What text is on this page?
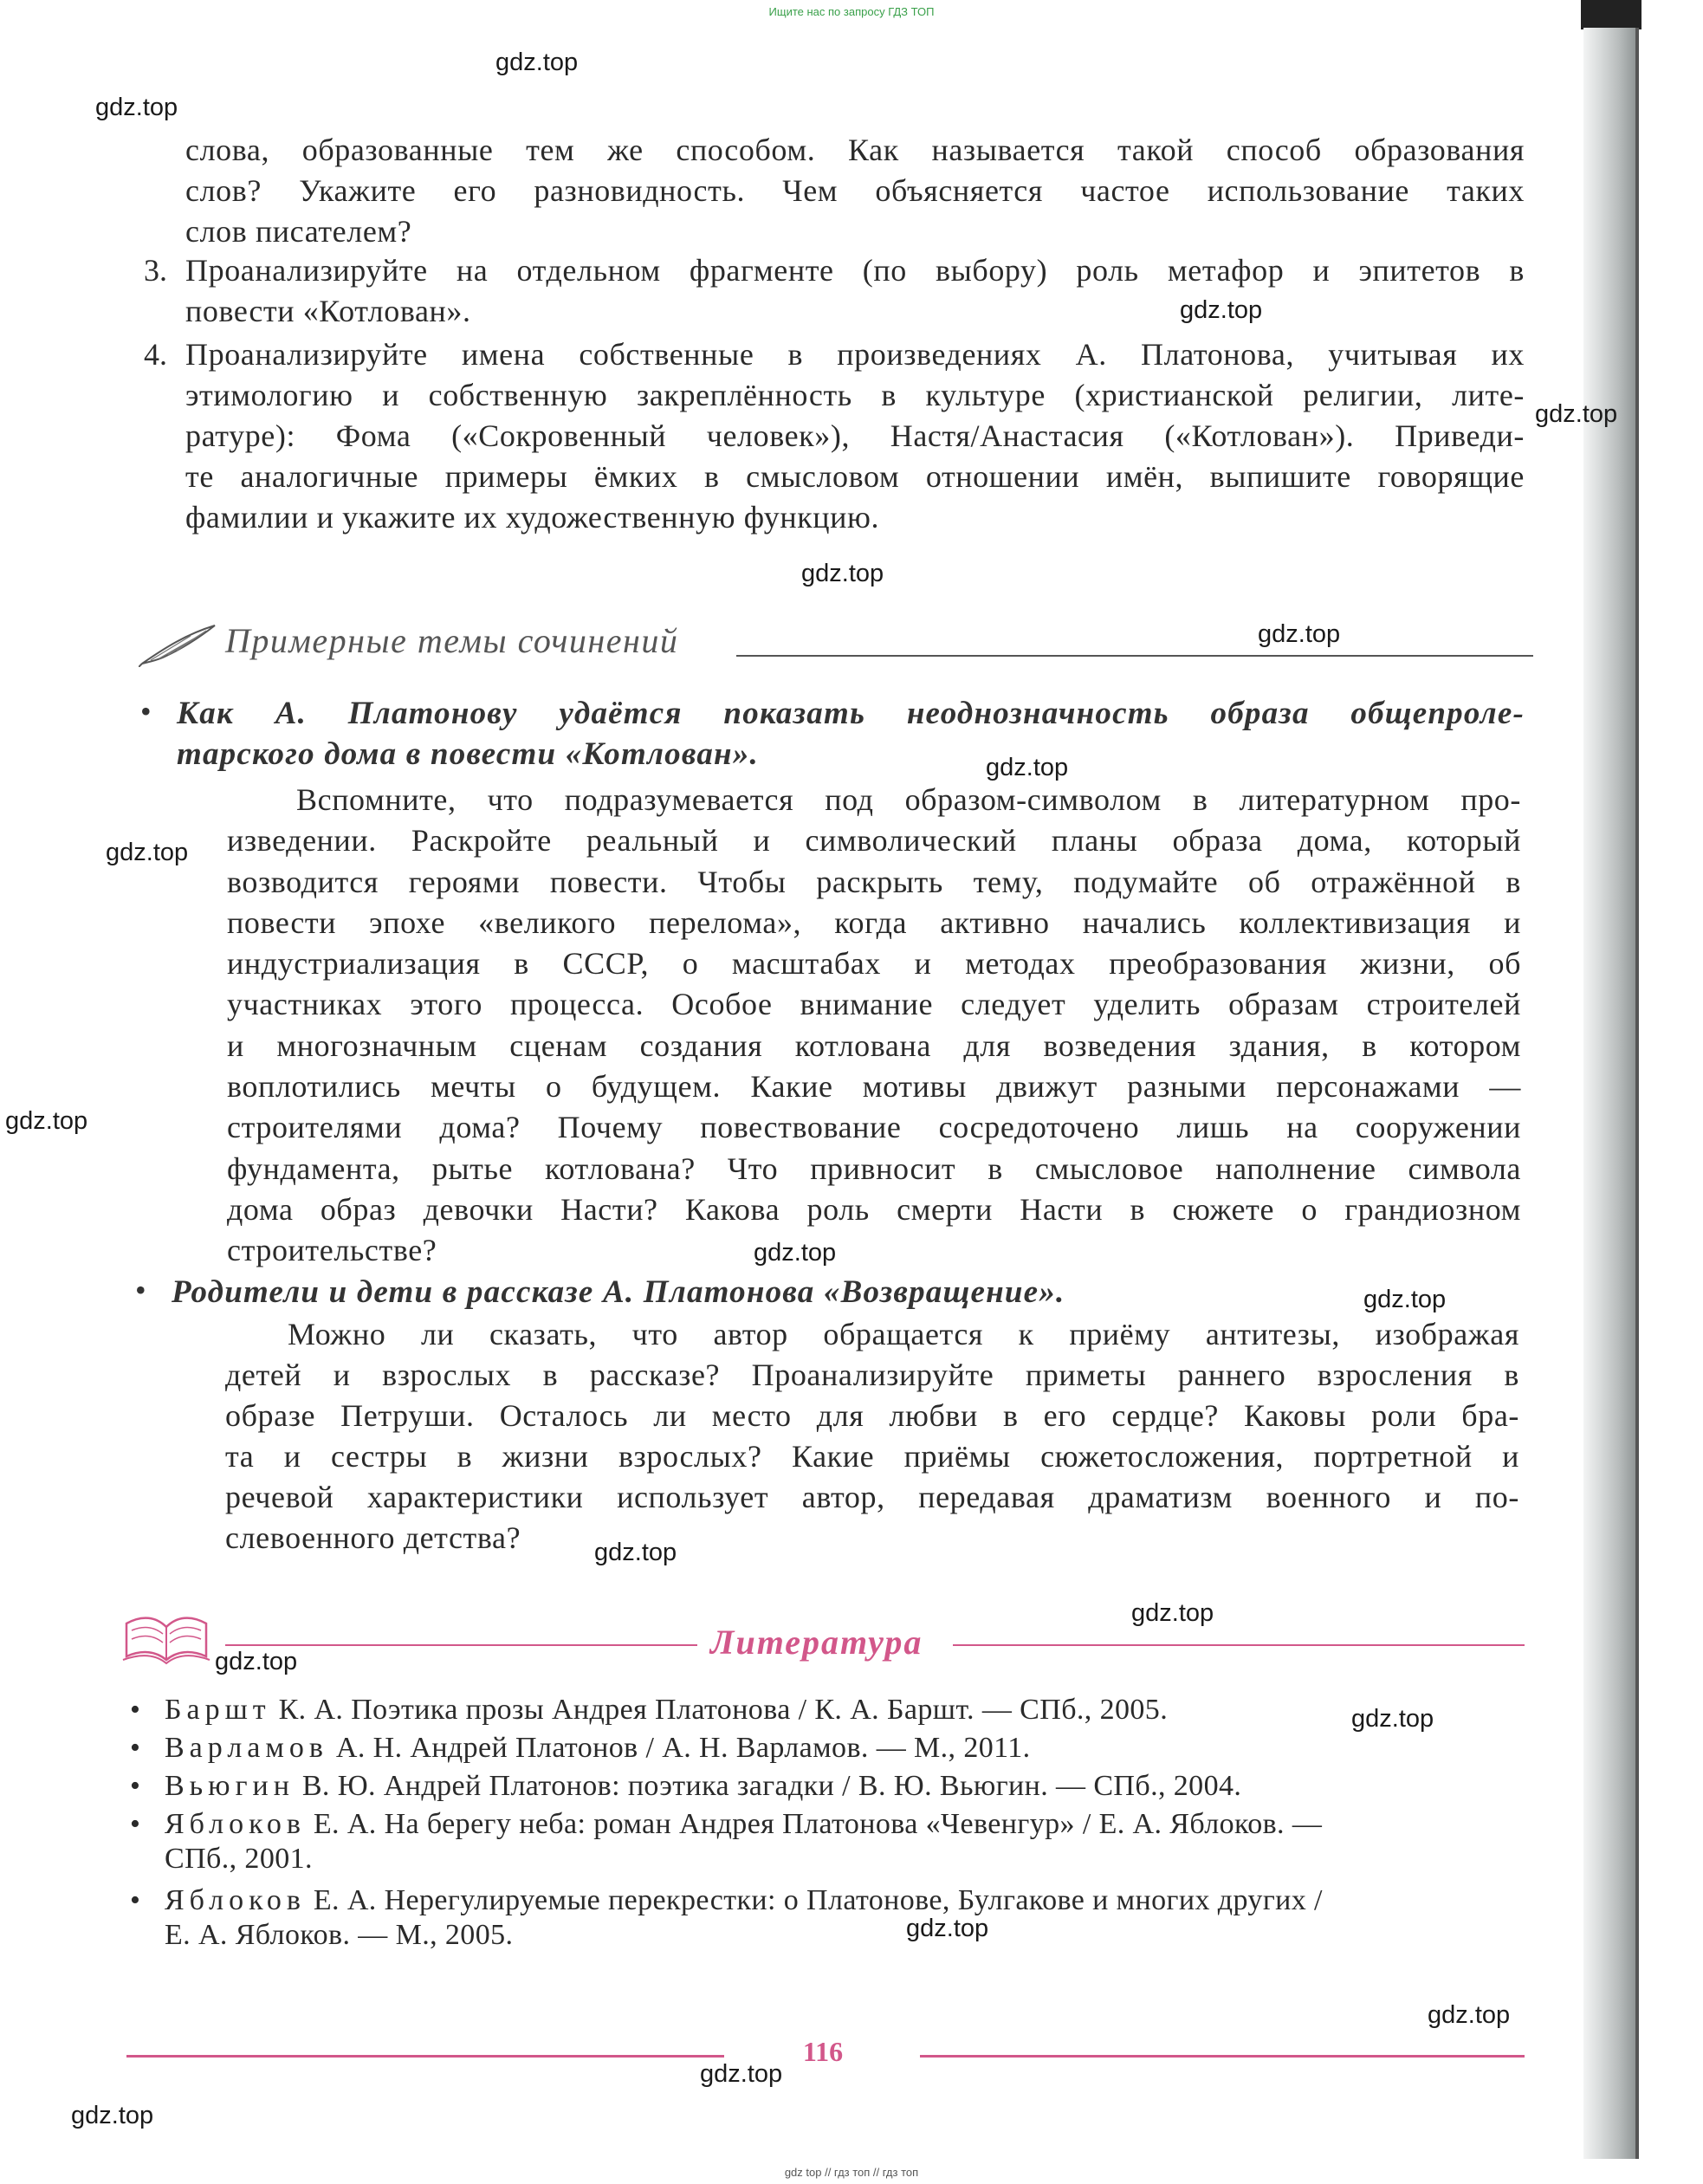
Ищите нас по запросу ГДЗ ТОП
слова, образованные тем же способом. Как называется такой способ образования
слов? Укажите его разновидность. Чем объясняется частое использование таких
слов писателем?
3. Проанализируйте на отдельном фрагменте (по выбору) роль метафор и эпитетов в
повести «Котлован».
4. Проанализируйте имена собственные в произведениях А. Платонова, учитывая их
этимологию и собственную закреплённость в культуре (христианской религии, лите-
ратуре): Фома («Сокровенный человек»), Настя/Анастасия («Котлован»). Приведи-
те аналогичные примеры ёмких в смысловом отношении имён, выпишите говорящие
фамилии и укажите их художественную функцию.
Примерные темы сочинений
• Как А. Платонову удаётся показать неоднозначность образа общепроле-
тарского дома в повести «Котлован».
Вспомните, что подразумевается под образом-символом в литературном про-
изведении. Раскройте реальный и символический планы образа дома, который
возводится героями повести. Чтобы раскрыть тему, подумайте об отражённой в
повести эпохе «великого перелома», когда активно начались коллективизация и
индустриализация в СССР, о масштабах и методах преобразования жизни, об
участниках этого процесса. Особое внимание следует уделить образам строителей
и многозначным сценам создания котлована для возведения здания, в котором
воплотились мечты о будущем. Какие мотивы движут разными персонажами —
строителями дома? Почему повествование сосредоточено лишь на сооружении
фундамента, рытье котлована? Что привносит в смысловое наполнение символа
дома образ девочки Насти? Какова роль смерти Насти в сюжете о грандиозном
строительстве?
• Родители и дети в рассказе А. Платонова «Возвращение».
Можно ли сказать, что автор обращается к приёму антитезы, изображая
детей и взрослых в рассказе? Проанализируйте приметы раннего взросления в
образе Петруши. Осталось ли место для любви в его сердце? Каковы роли бра-
та и сестры в жизни взрослых? Какие приёмы сюжетосложения, портретной и
речевой характеристики использует автор, передавая драматизм военного и по-
слевоенного детства?
Литература
• Баршт К. А. Поэтика прозы Андрея Платонова / К. А. Баршт. — СПб., 2005.
• Варламов А. Н. Андрей Платонов / А. Н. Варламов. — М., 2011.
• Вьюгин В. Ю. Андрей Платонов: поэтика загадки / В. Ю. Вьюгин. — СПб., 2004.
• Яблоков Е. А. На берегу неба: роман Андрея Платонова «Чевенгур» / Е. А. Яблоков. —
СПб., 2001.
• Яблоков Е. А. Нерегулируемые перекрестки: о Платонове, Булгакове и многих других /
Е. А. Яблоков. — М., 2005.
116
gdz.top
gdz.top
gdz.top
gdz.top
gdz.top
gdz.top
gdz.top
gdz.top
gdz.top
gdz.top
gdz.top
gdz.top
gdz.top
gdz.top
gdz.top
gdz.top
gdz.top
gdz.top
gdz.top
gdz top // гдз топ // гдз топ
